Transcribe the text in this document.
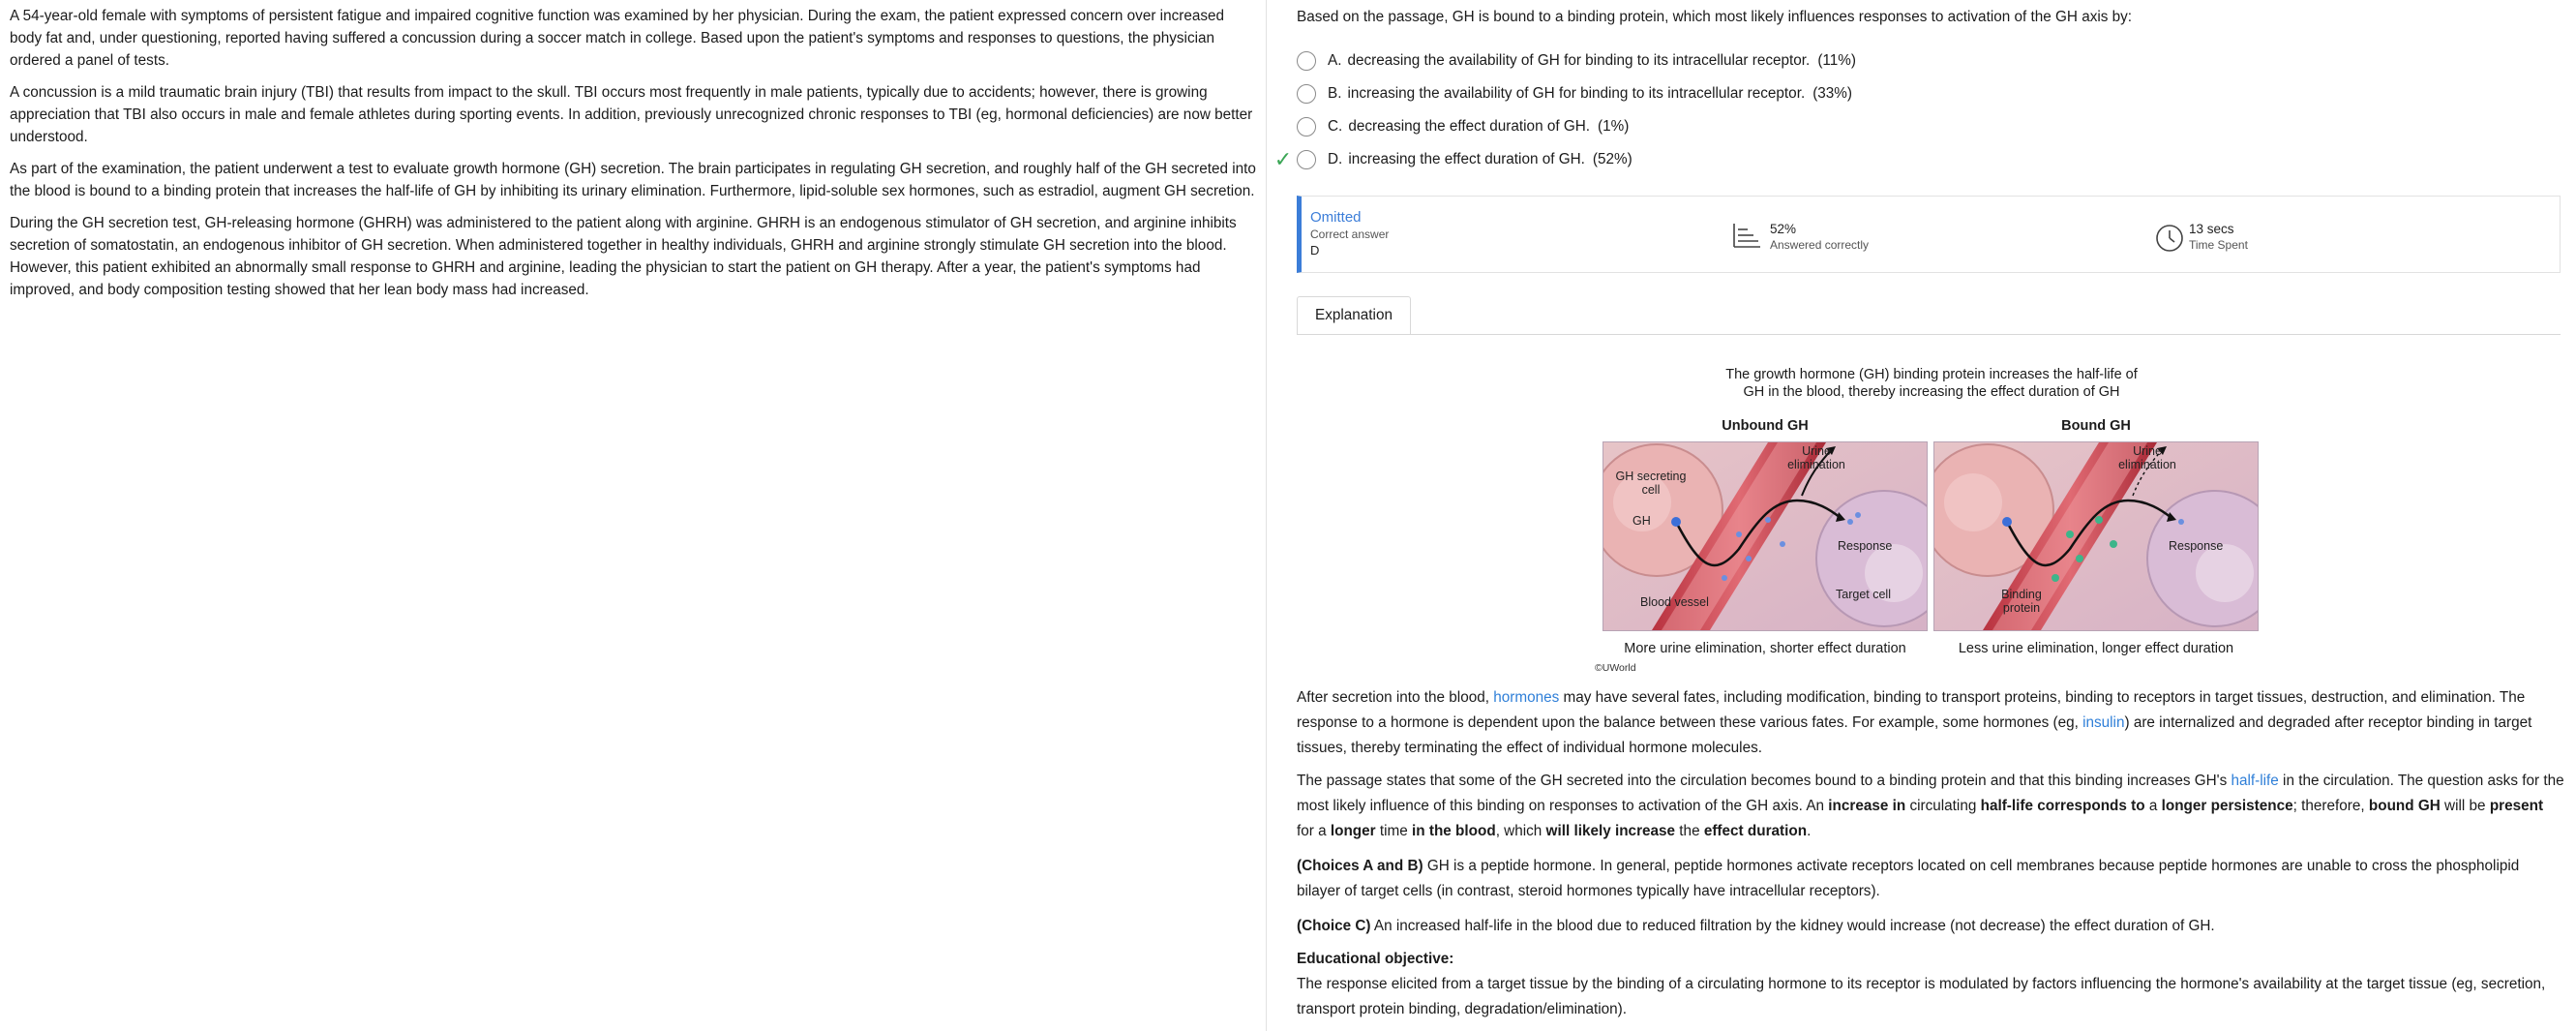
A 54-year-old female with symptoms of persistent fatigue and impaired cognitive function was examined by her physician. During the exam, the patient expressed concern over increased body fat and, under questioning, reported having suffered a concussion during a soccer match in college. Based upon the patient's symptoms and responses to questions, the physician ordered a panel of tests.

A concussion is a mild traumatic brain injury (TBI) that results from impact to the skull. TBI occurs most frequently in male patients, typically due to accidents; however, there is growing appreciation that TBI also occurs in male and female athletes during sporting events. In addition, previously unrecognized chronic responses to TBI (eg, hormonal deficiencies) are now better understood.

As part of the examination, the patient underwent a test to evaluate growth hormone (GH) secretion. The brain participates in regulating GH secretion, and roughly half of the GH secreted into the blood is bound to a binding protein that increases the half-life of GH by inhibiting its urinary elimination. Furthermore, lipid-soluble sex hormones, such as estradiol, augment GH secretion.

During the GH secretion test, GH-releasing hormone (GHRH) was administered to the patient along with arginine. GHRH is an endogenous stimulator of GH secretion, and arginine inhibits secretion of somatostatin, an endogenous inhibitor of GH secretion. When administered together in healthy individuals, GHRH and arginine strongly stimulate GH secretion into the blood. However, this patient exhibited an abnormally small response to GHRH and arginine, leading the physician to start the patient on GH therapy. After a year, the patient's symptoms had improved, and body composition testing showed that her lean body mass had increased.

Based on the passage, GH is bound to a binding protein, which most likely influences responses to activation of the GH axis by:
A. decreasing the availability of GH for binding to its intracellular receptor. (11%)
B. increasing the availability of GH for binding to its intracellular receptor. (33%)
C. decreasing the effect duration of GH. (1%)
✓	D. increasing the effect duration of GH. (52%)
Omitted
Correct answer
D
52%
Answered correctly
13 secs
Time Spent
Explanation
The growth hormone (GH) binding protein increases the half-life of
GH in the blood, thereby increasing the effect duration of GH
Unbound GH	Bound GH
GH secreting
cell
GH
Urine
elimination
Response
Target cell
Blood vessel
Urine
elimination
Response
Binding
protein
More urine elimination, shorter effect duration	Less urine elimination, longer effect duration
©UWorld
After secretion into the blood, hormones may have several fates, including modification, binding to transport proteins, binding to receptors in target tissues, destruction, and elimination. The response to a hormone is dependent upon the balance between these various fates. For example, some hormones (eg, insulin) are internalized and degraded after receptor binding in target tissues, thereby terminating the effect of individual hormone molecules.
The passage states that some of the GH secreted into the circulation becomes bound to a binding protein and that this binding increases GH's half-life in the circulation. The question asks for the most likely influence of this binding on responses to activation of the GH axis. An increase in circulating half-life corresponds to a longer persistence; therefore, bound GH will be present for a longer time in the blood, which will likely increase the effect duration.
(Choices A and B) GH is a peptide hormone. In general, peptide hormones activate receptors located on cell membranes because peptide hormones are unable to cross the phospholipid bilayer of target cells (in contrast, steroid hormones typically have intracellular receptors).
(Choice C) An increased half-life in the blood due to reduced filtration by the kidney would increase (not decrease) the effect duration of GH.
Educational objective:
The response elicited from a target tissue by the binding of a circulating hormone to its receptor is modulated by factors influencing the hormone's availability at the target tissue (eg, secretion, transport protein binding, degradation/elimination).
